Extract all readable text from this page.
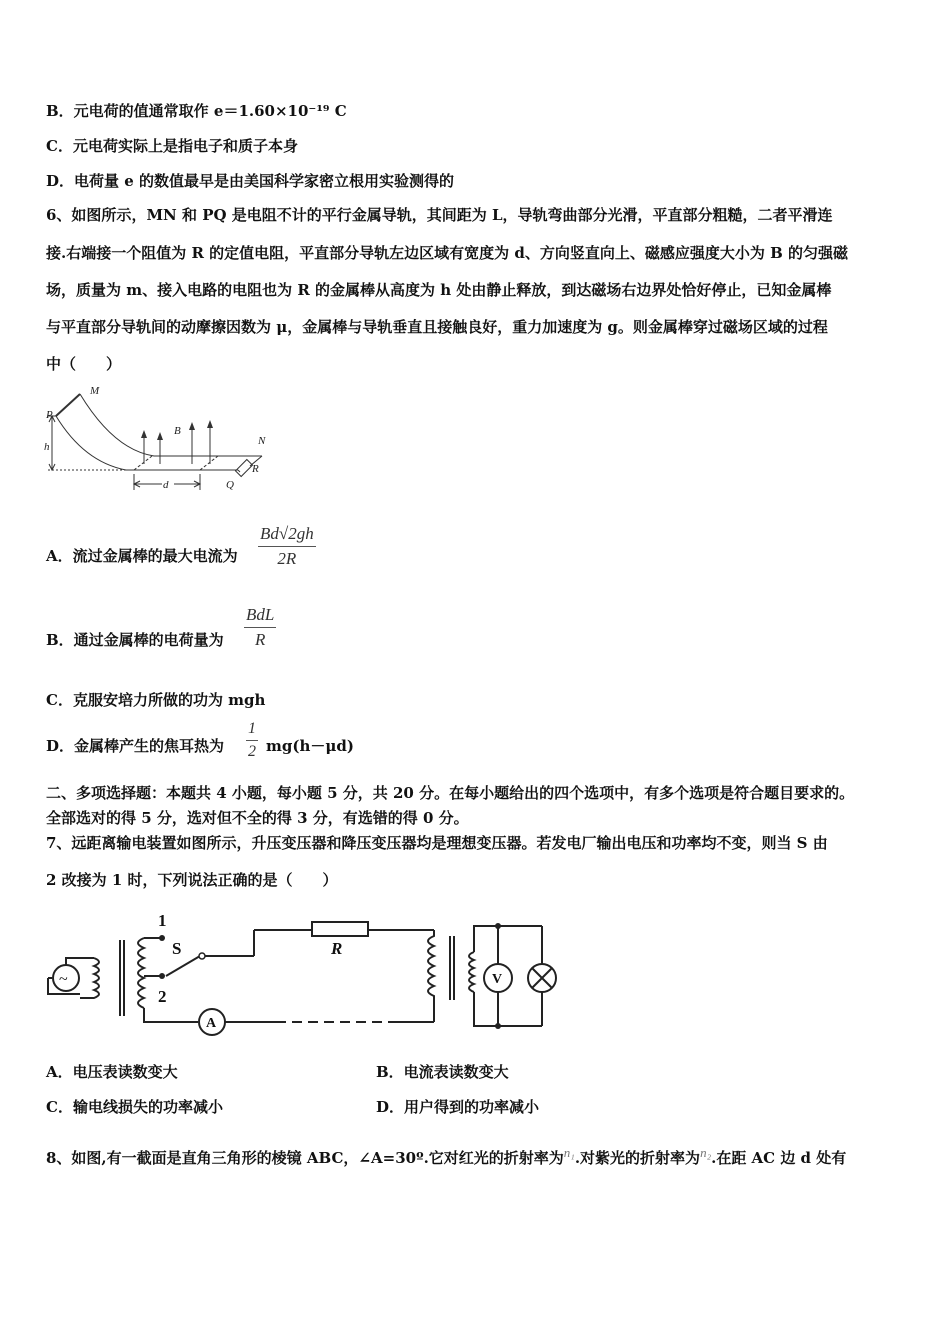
B．元电荷的值通常取作 e＝1.60×10⁻¹⁹ C
C．元电荷实际上是指电子和质子本身
D．电荷量 e 的数值最早是由美国科学家密立根用实验测得的
6、如图所示，MN 和 PQ 是电阻不计的平行金属导轨，其间距为 L，导轨弯曲部分光滑，平直部分粗糙，二者平滑连
接.右端接一个阻值为 R 的定值电阻，平直部分导轨左边区域有宽度为 d、方向竖直向上、磁感应强度大小为 B 的匀强磁
场，质量为 m、接入电路的电阻也为 R 的金属棒从高度为 h 处由静止释放，到达磁场右边界处恰好停止，已知金属棒
与平直部分导轨间的动摩擦因数为 μ，金属棒与导轨垂直且接触良好，重力加速度为 g。则金属棒穿过磁场区域的过程
中（　　）
M
P
B
N
h
R
d	Q
A．流过金属棒的最大电流为
Bd√2gh
2R
B．通过金属棒的电荷量为
BdL
R
C．克服安培力所做的功为 mgh
D．金属棒产生的焦耳热为
1
2 mg(h－μd)
二、多项选择题：本题共 4 小题，每小题 5 分，共 20 分。在每小题给出的四个选项中，有多个选项是符合题目要求的。
全部选对的得 5 分，选对但不全的得 3 分，有选错的得 0 分。
7、远距离输电装置如图所示，升压变压器和降压变压器均是理想变压器。若发电厂输出电压和功率均不变，则当 S 由
2 改接为 1 时，下列说法正确的是（　　）
1
2
S	R
A
V
~
A．电压表读数变大	B．电流表读数变大
C．输电线损失的功率减小	D．用户得到的功率减小
8、如图,有一截面是直角三角形的棱镜 ABC，∠A=30º.它对红光的折射率为n₁.对紫光的折射率为n₂.在距 AC 边 d 处有
